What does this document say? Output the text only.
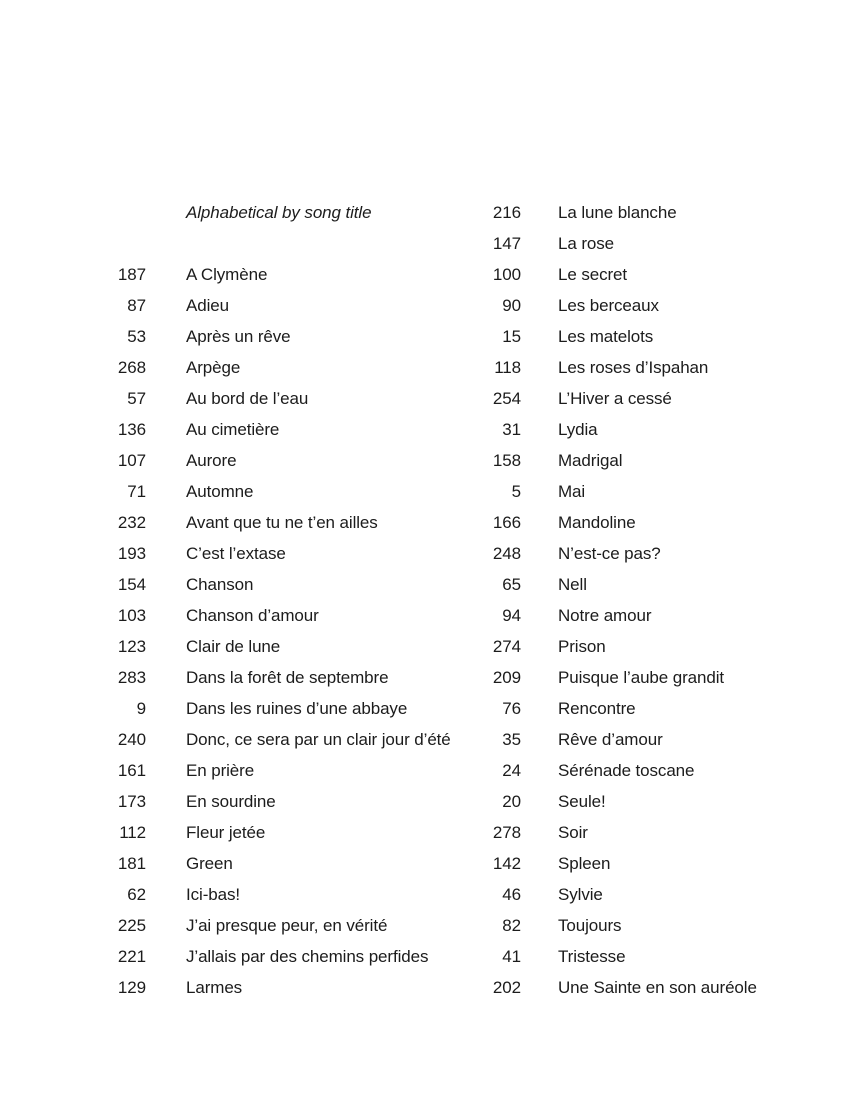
Alphabetical by song title
187 A Clymène
87 Adieu
53 Après un rêve
268 Arpège
57 Au bord de l’eau
136 Au cimetière
107 Aurore
71 Automne
232 Avant que tu ne t’en ailles
193 C’est l’extase
154 Chanson
103 Chanson d’amour
123 Clair de lune
283 Dans la forêt de septembre
9 Dans les ruines d’une abbaye
240 Donc, ce sera par un clair jour d’été
161 En prière
173 En sourdine
112 Fleur jetée
181 Green
62 Ici-bas!
225 J’ai presque peur, en vérité
221 J’allais par des chemins perfides
129 Larmes
216 La lune blanche
147 La rose
100 Le secret
90 Les berceaux
15 Les matelots
118 Les roses d’Ispahan
254 L’Hiver a cessé
31 Lydia
158 Madrigal
5 Mai
166 Mandoline
248 N’est-ce pas?
65 Nell
94 Notre amour
274 Prison
209 Puisque l’aube grandit
76 Rencontre
35 Rêve d’amour
24 Sérénade toscane
20 Seule!
278 Soir
142 Spleen
46 Sylvie
82 Toujours
41 Tristesse
202 Une Sainte en son auréole
